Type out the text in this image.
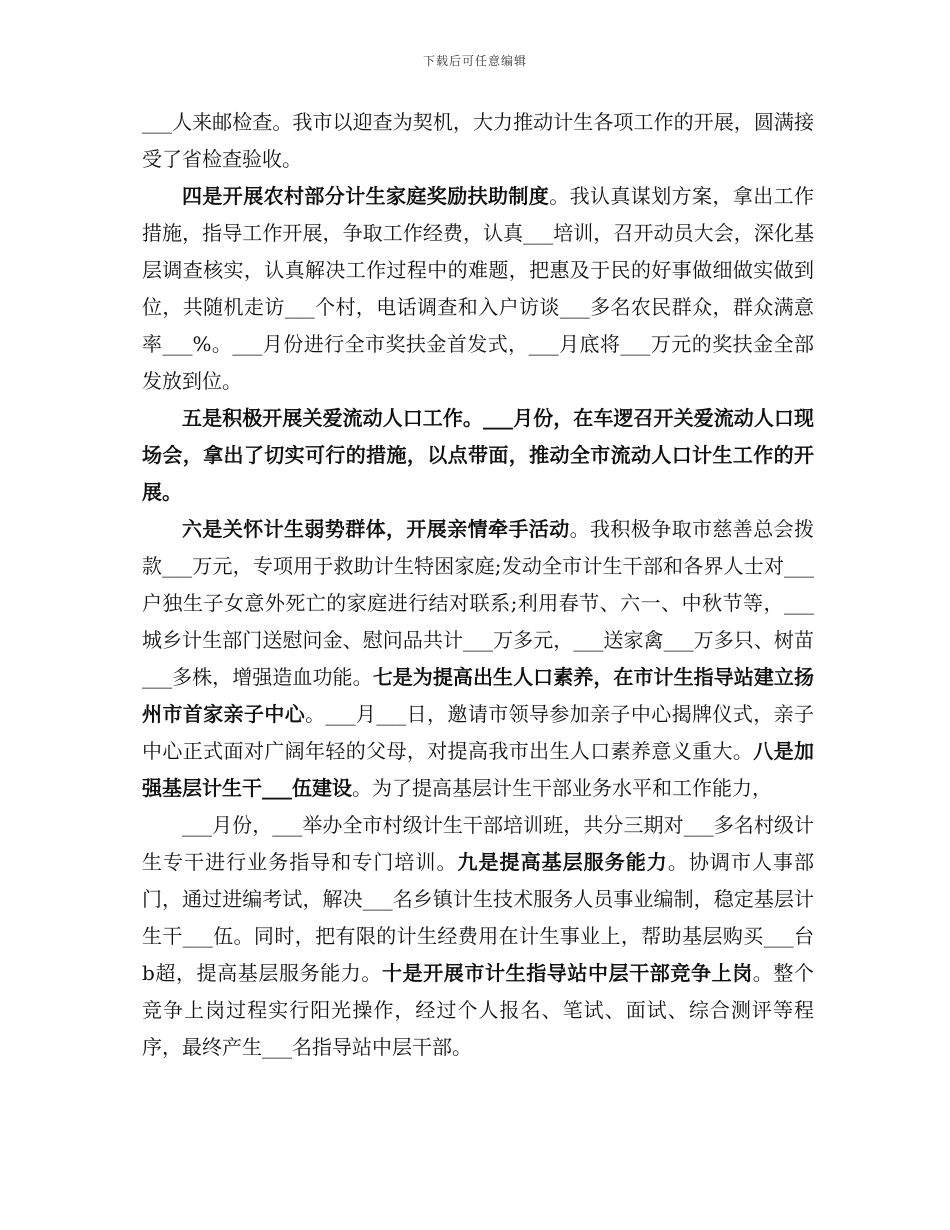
下载后可任意编辑

___人来邮检查。我市以迎查为契机，大力推动计生各项工作的开展，圆满接受了省检查验收。

四是开展农村部分计生家庭奖励扶助制度。我认真谋划方案，拿出工作措施，指导工作开展，争取工作经费，认真___培训，召开动员大会，深化基层调查核实，认真解决工作过程中的难题，把惠及于民的好事做细做实做到位，共随机走访___个村，电话调查和入户访谈___多名农民群众，群众满意率___%。___月份进行全市奖扶金首发式，___月底将___万元的奖扶金全部发放到位。

五是积极开展关爱流动人口工作。___月份，在车逻召开关爱流动人口现场会，拿出了切实可行的措施，以点带面，推动全市流动人口计生工作的开展。

六是关怀计生弱势群体，开展亲情牵手活动。我积极争取市慈善总会拨款___万元，专项用于救助计生特困家庭;发动全市计生干部和各界人士对___户独生子女意外死亡的家庭进行结对联系;利用春节、六一、中秋节等，___城乡计生部门送慰问金、慰问品共计___万多元，___送家禽___万多只、树苗___多株，增强造血功能。七是为提高出生人口素养，在市计生指导站建立扬州市首家亲子中心。___月___日，邀请市领导参加亲子中心揭牌仪式，亲子中心正式面对广阔年轻的父母，对提高我市出生人口素养意义重大。八是加强基层计生干___伍建设。为了提高基层计生干部业务水平和工作能力，

___月份，___举办全市村级计生干部培训班，共分三期对___多名村级计生专干进行业务指导和专门培训。九是提高基层服务能力。协调市人事部门，通过进编考试，解决___名乡镇计生技术服务人员事业编制，稳定基层计生干___伍。同时，把有限的计生经费用在计生事业上，帮助基层购买___台b超，提高基层服务能力。十是开展市计生指导站中层干部竞争上岗。整个竞争上岗过程实行阳光操作，经过个人报名、笔试、面试、综合测评等程序，最终产生___名指导站中层干部。
